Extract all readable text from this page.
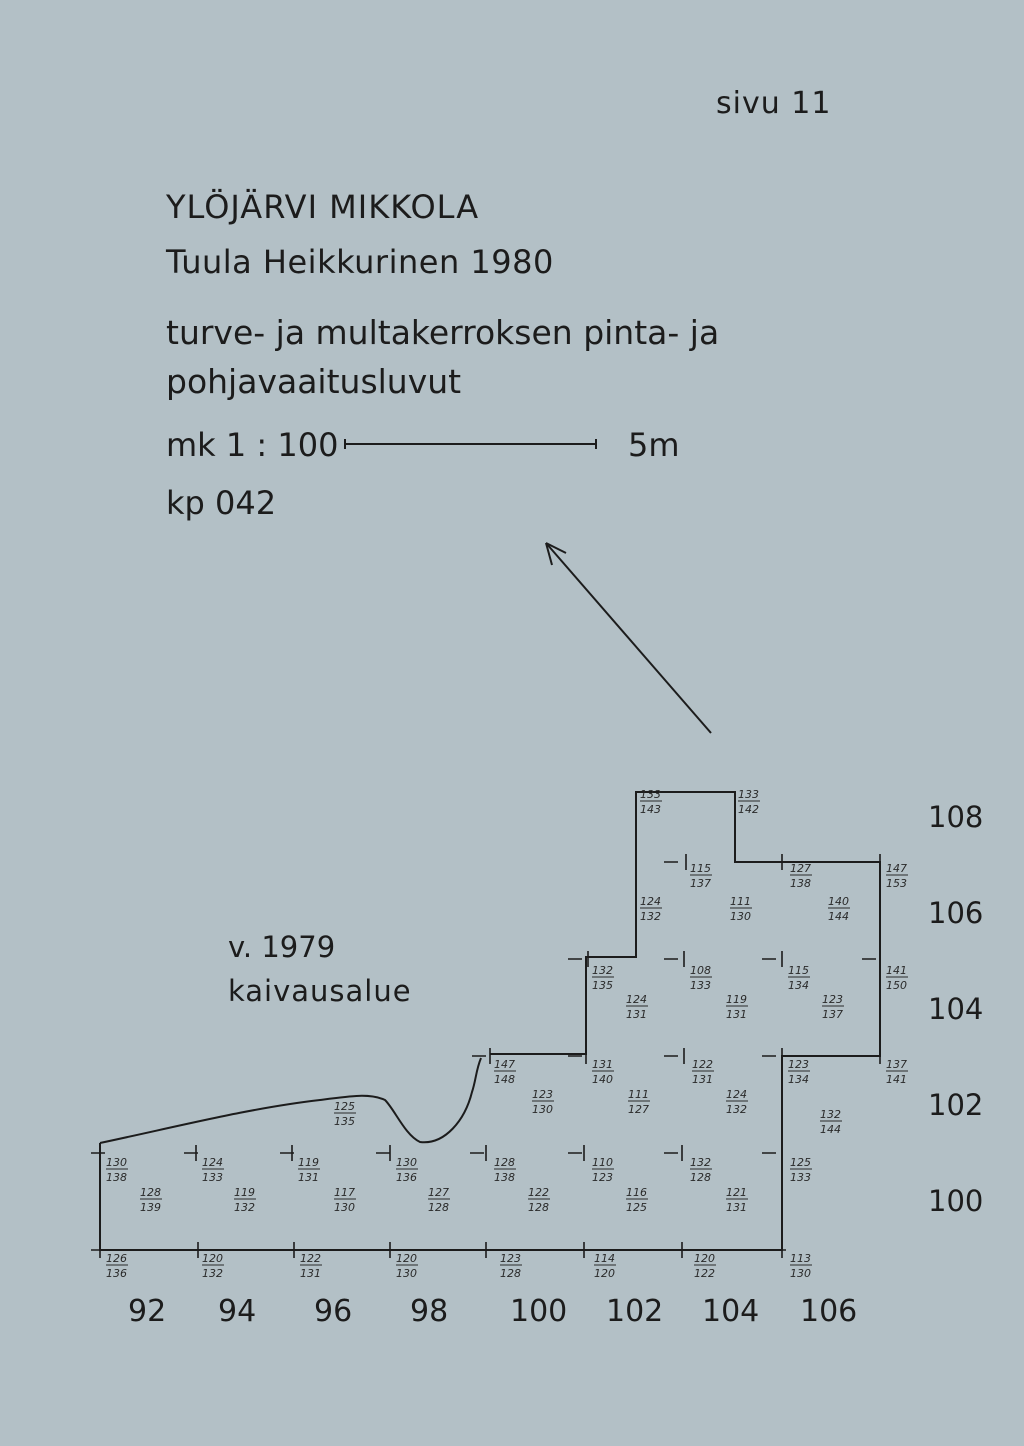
sivu 11
YLÖJÄRVI MIKKOLA
Tuula Heikkurinen 1980
turve- ja multakerroksen pinta- ja
pohjavaaitusluvut
mk 1 : 100	5m
kp 042
v. 1979
kaivausalue
108
106
104
102
100
92 94 96 98 100 102 104 106
133
143
133
142
115
137
127
138
147
153
124
132
111
130
140
144
132
135
108
133
115
134
141
150
124
131
119
131
123
137
147
148
131
140
122
131
123
134
137
141
123
130
111
127
124
132
125
135
132
144
130
138
124
133
119
131
130
136
128
138
110
123
132
128
125
133
128
139
119
132
117
130
127
128
122
128
116
125
121
131
126
136
120
132
122
131
120
130
123
128
114
120
120
122
113
130
